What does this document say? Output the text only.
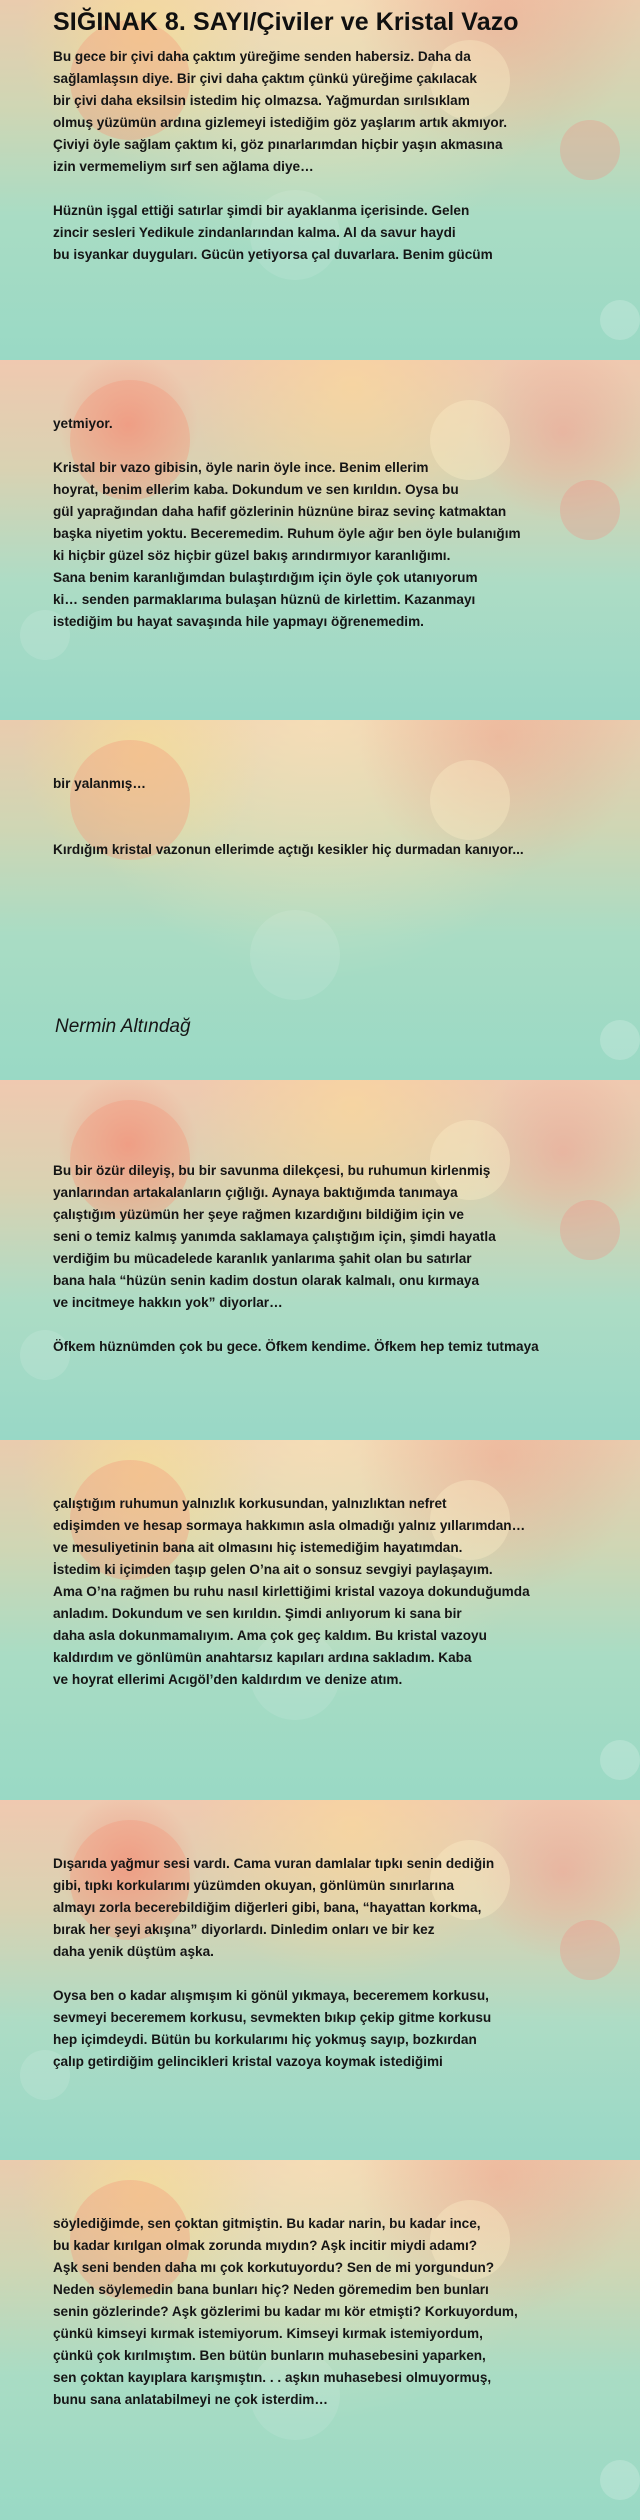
SIĞINAK 8. SAYI/Çiviler ve Kristal Vazo
Bu gece bir çivi daha çaktım yüreğime senden habersiz. Daha da
sağlamlaşsın diye. Bir çivi daha çaktım çünkü yüreğime çakılacak
bir çivi daha eksilsin istedim hiç olmazsa. Yağmurdan sırılsıklam
olmuş yüzümün ardına gizlemeyi istediğim göz yaşlarım artık akmıyor.
Çiviyi öyle sağlam çaktım ki, göz pınarlarımdan hiçbir yaşın akmasına
izin vermemeliym sırf sen ağlama diye…

Hüznün işgal ettiği satırlar şimdi bir ayaklanma içerisinde. Gelen
zincir sesleri Yedikule zindanlarından kalma. Al da savur haydi
bu isyankar duyguları. Gücün yetiyorsa çal duvarlara. Benim gücüm
yetmiyor.

Kristal bir vazo gibisin, öyle narin öyle ince. Benim ellerim
hoyrat, benim ellerim kaba. Dokundum ve sen kırıldın. Oysa bu
gül yaprağından daha hafif gözlerinin hüznüne biraz sevinç katmaktan
başka niyetim yoktu. Beceremedim. Ruhum öyle ağır ben öyle bulanığım
ki hiçbir güzel söz hiçbir güzel bakış arındırmıyor karanlığımı.
Sana benim karanlığımdan bulaştırdığım için öyle çok utanıyorum
ki… senden parmaklarıma bulaşan hüznü de kirlettim. Kazanmayı
istediğim bu hayat savaşında hile yapmayı öğrenemedim.
bir yalanmış…

Kırdığım kristal vazonun ellerimde açtığı kesikler hiç durmadan kanıyor...

Nermin Altındağ

Bu bir özür dileyiş, bu bir savunma dilekçesi, bu ruhumun kirlenmiş
yanlarından artakalanların çığlığı. Aynaya baktığımda tanımaya
çalıştığım yüzümün her şeye rağmen kızardığını bildiğim için ve
seni o temiz kalmış yanımda saklamaya çalıştığım için, şimdi hayatla
verdiğim bu mücadelede karanlık yanlarıma şahit olan bu satırlar
bana hala “hüzün senin kadim dostun olarak kalmalı, onu kırmaya
ve incitmeye hakkın yok” diyorlar…

Öfkem hüznümden çok bu gece. Öfkem kendime. Öfkem hep temiz tutmaya
çalıştığım ruhumun yalnızlık korkusundan, yalnızlıktan nefret
edişimden ve hesap sormaya hakkımın asla olmadığı yalnız yıllarımdan…
ve mesuliyetinin bana ait olmasını hiç istemediğim hayatımdan.
İstedim ki içimden taşıp gelen O’na ait o sonsuz sevgiyi paylaşayım.
Ama O’na rağmen bu ruhu nasıl kirlettiğimi kristal vazoya dokunduğumda
anladım. Dokundum ve sen kırıldın. Şimdi anlıyorum ki sana bir
daha asla dokunmamalıyım. Ama çok geç kaldım. Bu kristal vazoyu
kaldırdım ve gönlümün anahtarsız kapıları ardına sakladım. Kaba
ve hoyrat ellerimi Acıgöl’den kaldırdım ve denize atım.
Dışarıda yağmur sesi vardı. Cama vuran damlalar tıpkı senin dediğin
gibi, tıpkı korkularımı yüzümden okuyan, gönlümün sınırlarına
almayı zorla becerebildiğim diğerleri gibi, bana, “hayattan korkma,
bırak her şeyi akışına” diyorlardı. Dinledim onları ve bir kez
daha yenik düştüm aşka.

Oysa ben o kadar alışmışım ki gönül yıkmaya, beceremem korkusu,
sevmeyi beceremem korkusu, sevmekten bıkıp çekip gitme korkusu
hep içimdeydi. Bütün bu korkularımı hiç yokmuş sayıp, bozkırdan
çalıp getirdiğim gelincikleri kristal vazoya koymak istediğimi
söylediğimde, sen çoktan gitmiştin. Bu kadar narin, bu kadar ince,
bu kadar kırılgan olmak zorunda mıydın? Aşk incitir miydi adamı?
Aşk seni benden daha mı çok korkutuyordu? Sen de mi yorgundun?
Neden söylemedin bana bunları hiç? Neden göremedim ben bunları
senin gözlerinde? Aşk gözlerimi bu kadar mı kör etmişti? Korkuyordum,
çünkü kimseyi kırmak istemiyorum. Kimseyi kırmak istemiyordum,
çünkü çok kırılmıştım. Ben bütün bunların muhasebesini yaparken,
sen çoktan kayıplara karışmıştın. . . aşkın muhasebesi olmuyormuş,
bunu sana anlatabilmeyi ne çok isterdim…
